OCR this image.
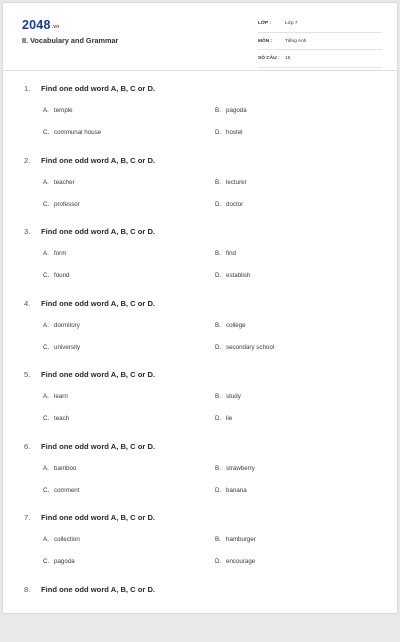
2048.vn
II. Vocabulary and Grammar
LỚP :	Lớp 7
MÔN :	Tiếng Anh
SỐ CÂU :	15
1. Find one odd word A, B, C or D.
A. temple	B. pagoda
C. communal house	D. hostel
2. Find one odd word A, B, C or D.
A. teacher	B. lecturer
C. professor	D. doctor
3. Find one odd word A, B, C or D.
A. form	B. find
C. found	D. establish
4. Find one odd word A, B, C or D.
A. dormitory	B. college
C. university	D. secondary school
5. Find one odd word A, B, C or D.
A. learn	B. study
C. teach	D. lie
6. Find one odd word A, B, C or D.
A. bamboo	B. strawberry
C. comment	D. banana
7. Find one odd word A, B, C or D.
A. collection	B. hamburger
C. pagoda	D. encourage
8. Find one odd word A, B, C or D.
